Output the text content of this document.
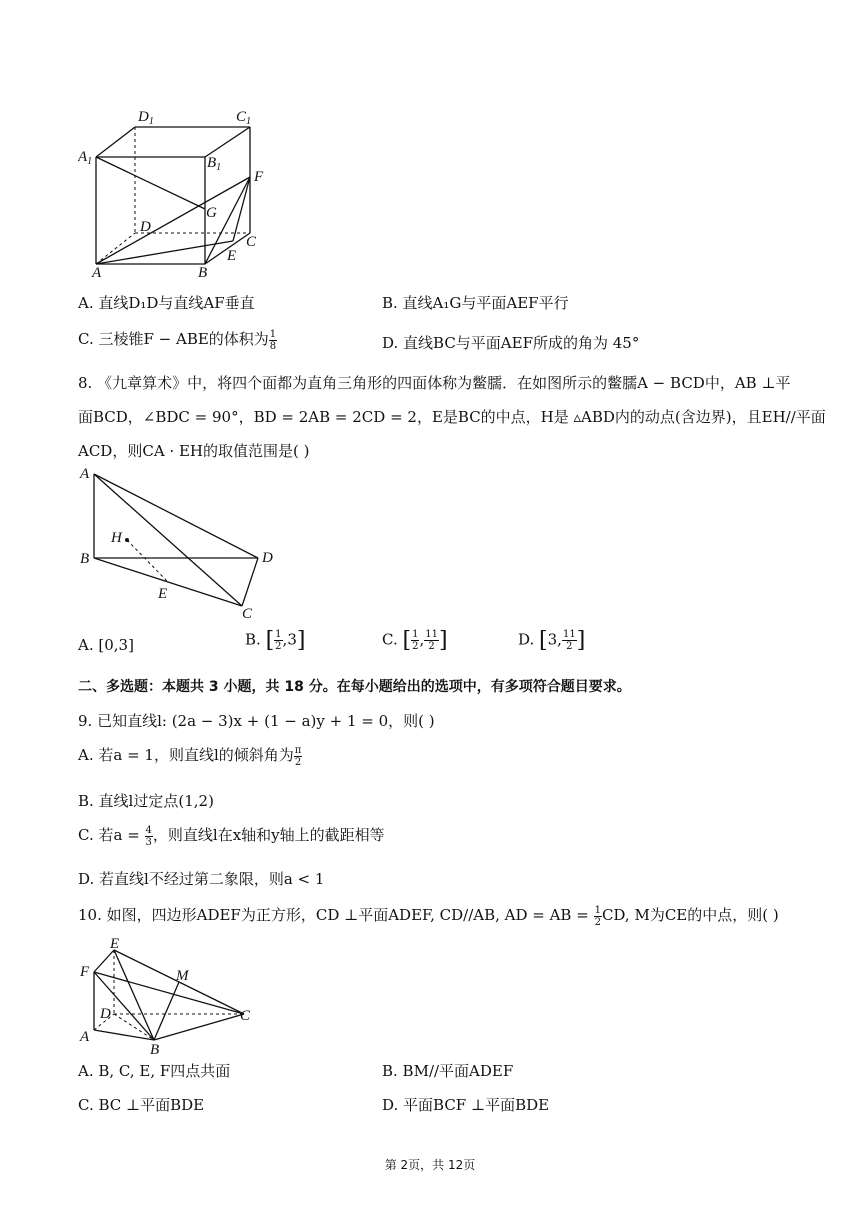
$D_1$	$C_1$
$A_1$	$B_1$
F
G
D
C
E
A	B
A. 直线D₁D与直线AF垂直	B. 直线A₁G与平面AEF平行
C. 三棱锥F − ABE的体积为 $\frac{1}{8}$	D. 直线BC与平面AEF所成的角为 45°
8. 《九章算术》中，将四个面都为直角三角形的四面体称为鳖臑．在如图所示的鳖臑A − BCD中，AB ⊥平
面BCD，∠BDC = 90°，BD = 2AB = 2CD = 2，E是BC的中点，H是 ▵ABD内的动点(含边界)，且EH//平面
ACD，则CA · EH的取值范围是( )
A
H
B	D
E
C
A. [0,3]	B. [ $\frac{1}{2} ,3$]	C. [ $\frac{1}{2}$ , $\frac{11}{2}$ ]	D. [3, $\frac{11}{2}$ ]
二、多选题：本题共 3 小题，共 18 分。在每小题给出的选项中，有多项符合题目要求。
9. 已知直线l: (2a − 3)x + (1 − a)y + 1 = 0，则( )
A. 若a = 1，则直线l的倾斜角为 $\frac{\pi}{2}$
B. 直线l过定点(1,2)
C. 若$a = \frac{4}{3}$ ，则直线l在x轴和y轴上的截距相等
D. 若直线l不经过第二象限，则a < 1
10. 如图，四边形ADEF为正方形，CD ⊥平面ADEF, CD//AB, AD = AB = $\frac{1}{2}$ CD, M为CE的中点，则( )
E
F	M
D	C
A
B
A. B, C, E, F四点共面	B. BM//平面ADEF
C. BC ⊥平面BDE	D. 平面BCF ⊥平面BDE
第 2页，共 12页
